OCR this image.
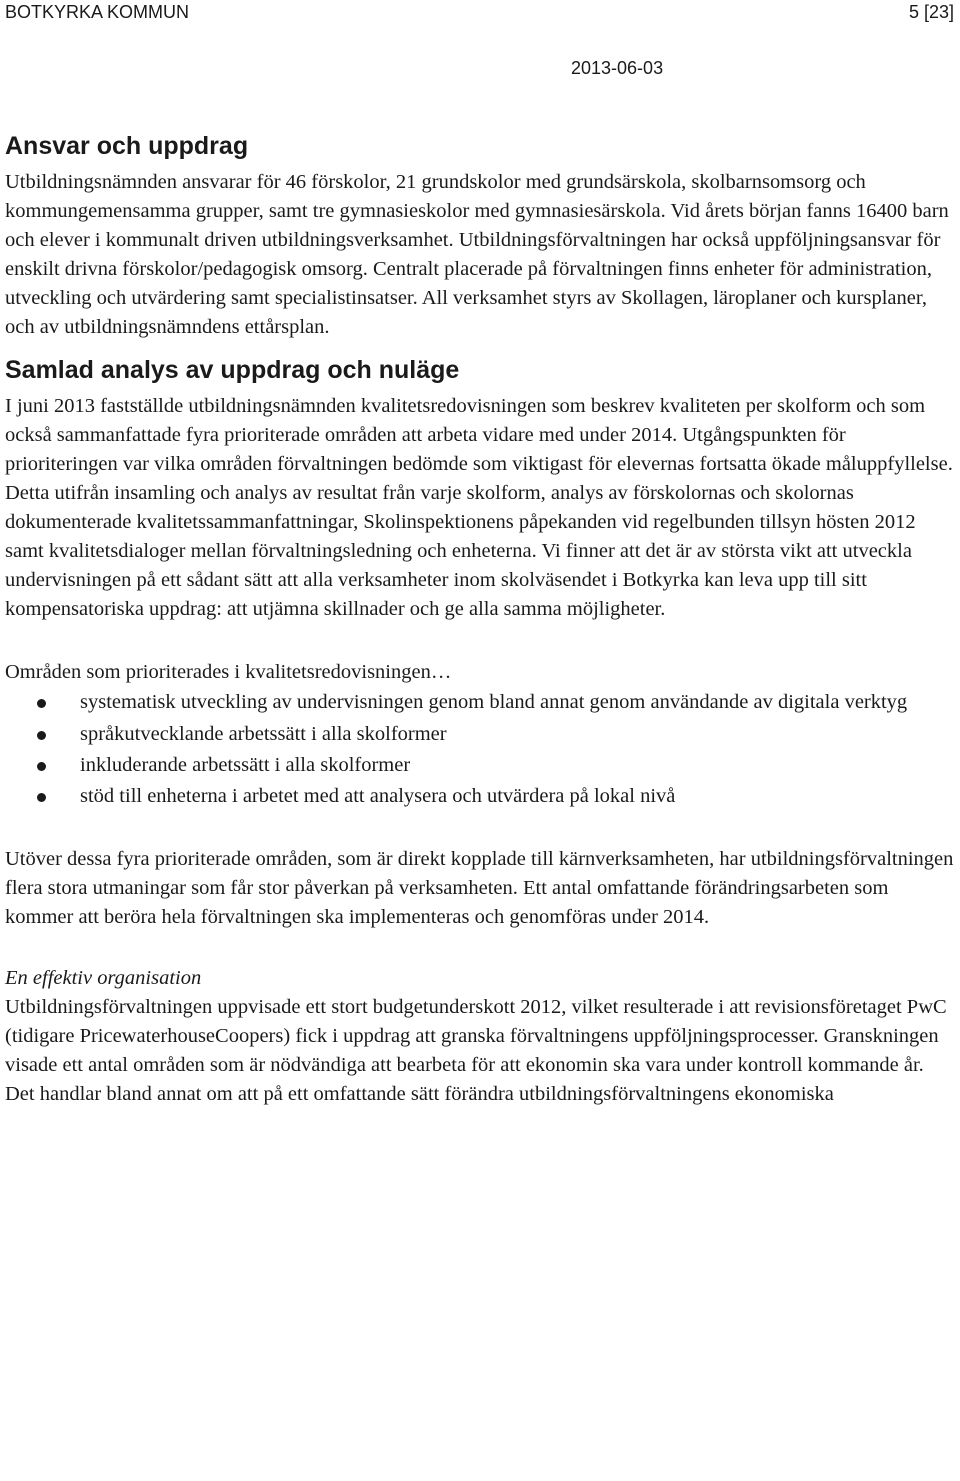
BOTKYRKA KOMMUN	5 [23]
2013-06-03
Ansvar och uppdrag

Utbildningsnämnden ansvarar för 46 förskolor, 21 grundskolor med grundsärskola, skolbarnsomsorg och kommungemensamma grupper, samt tre gymnasieskolor med gymnasiesärskola. Vid årets början fanns 16400 barn och elever i kommunalt driven utbildningsverksamhet. Utbildningsförvaltningen har också uppföljningsansvar för enskilt drivna förskolor/pedagogisk omsorg. Centralt placerade på förvaltningen finns enheter för administration, utveckling och utvärdering samt specialistinsatser. All verksamhet styrs av Skollagen, läroplaner och kursplaner, och av utbildningsnämndens ettårsplan.

Samlad analys av uppdrag och nuläge

I juni 2013 fastställde utbildningsnämnden kvalitetsredovisningen som beskrev kvaliteten per skolform och som också sammanfattade fyra prioriterade områden att arbeta vidare med under 2014. Utgångspunkten för prioriteringen var vilka områden förvaltningen bedömde som viktigast för elevernas fortsatta ökade måluppfyllelse. Detta utifrån insamling och analys av resultat från varje skolform, analys av förskolornas och skolornas dokumenterade kvalitetssammanfattningar, Skolinspektionens påpekanden vid regelbunden tillsyn hösten 2012 samt kvalitetsdialoger mellan förvaltningsledning och enheterna. Vi finner att det är av största vikt att utveckla undervisningen på ett sådant sätt att alla verksamheter inom skolväsendet i Botkyrka kan leva upp till sitt kompensatoriska uppdrag: att utjämna skillnader och ge alla samma möjligheter.

Områden som prioriterades i kvalitetsredovisningen…

systematisk utveckling av undervisningen genom bland annat genom användande av digitala verktyg
språkutvecklande arbetssätt i alla skolformer
inkluderande arbetssätt i alla skolformer
stöd till enheterna i arbetet med att analysera och utvärdera på lokal nivå

Utöver dessa fyra prioriterade områden, som är direkt kopplade till kärnverksamheten, har utbildningsförvaltningen flera stora utmaningar som får stor påverkan på verksamheten. Ett antal omfattande förändringsarbeten som kommer att beröra hela förvaltningen ska implementeras och genomföras under 2014.

En effektiv organisation

Utbildningsförvaltningen uppvisade ett stort budgetunderskott 2012, vilket resulterade i att revisionsföretaget PwC (tidigare PricewaterhouseCoopers) fick i uppdrag att granska förvaltningens uppföljningsprocesser. Granskningen visade ett antal områden som är nödvändiga att bearbeta för att ekonomin ska vara under kontroll kommande år. Det handlar bland annat om att på ett omfattande sätt förändra utbildningsförvaltningens ekonomiska
